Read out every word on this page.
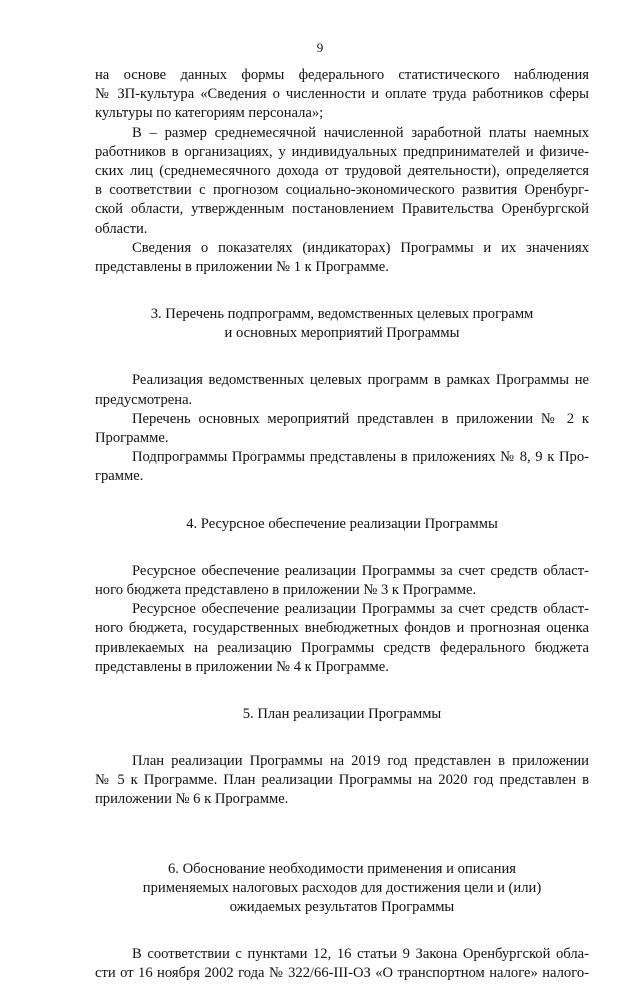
9
на основе данных формы федерального статистического наблюдения
№ ЗП-культура «Сведения о численности и оплате труда работников сферы
культуры по категориям персонала»;
В – размер среднемесячной начисленной заработной платы наемных
работников в организациях, у индивидуальных предпринимателей и физиче-
ских лиц (среднемесячного дохода от трудовой деятельности), определяется
в соответствии с прогнозом социально-экономического развития Оренбург-
ской области, утвержденным постановлением Правительства Оренбургской
области.
Сведения о показателях (индикаторах) Программы и их значениях
представлены в приложении № 1 к Программе.
3. Перечень подпрограмм, ведомственных целевых программ
и основных мероприятий Программы
Реализация ведомственных целевых программ в рамках Программы не
предусмотрена.
Перечень основных мероприятий представлен в приложении № 2 к
Программе.
Подпрограммы Программы представлены в приложениях № 8, 9 к Про-
грамме.
4. Ресурсное обеспечение реализации Программы
Ресурсное обеспечение реализации Программы за счет средств област-
ного бюджета представлено в приложении № 3 к Программе.
Ресурсное обеспечение реализации Программы за счет средств област-
ного бюджета, государственных внебюджетных фондов и прогнозная оценка
привлекаемых на реализацию Программы средств федерального бюджета
представлены в приложении № 4 к Программе.
5. План реализации Программы
План реализации Программы на 2019 год представлен в приложении
№ 5 к Программе. План реализации Программы на 2020 год представлен в
приложении № 6 к Программе.
6. Обоснование необходимости применения и описания
применяемых налоговых расходов для достижения цели и (или)
ожидаемых результатов Программы
В соответствии с пунктами 12, 16 статьи 9 Закона Оренбургской обла-
сти от 16 ноября 2002 года № 322/66-III-ОЗ «О транспортном налоге» налого-
